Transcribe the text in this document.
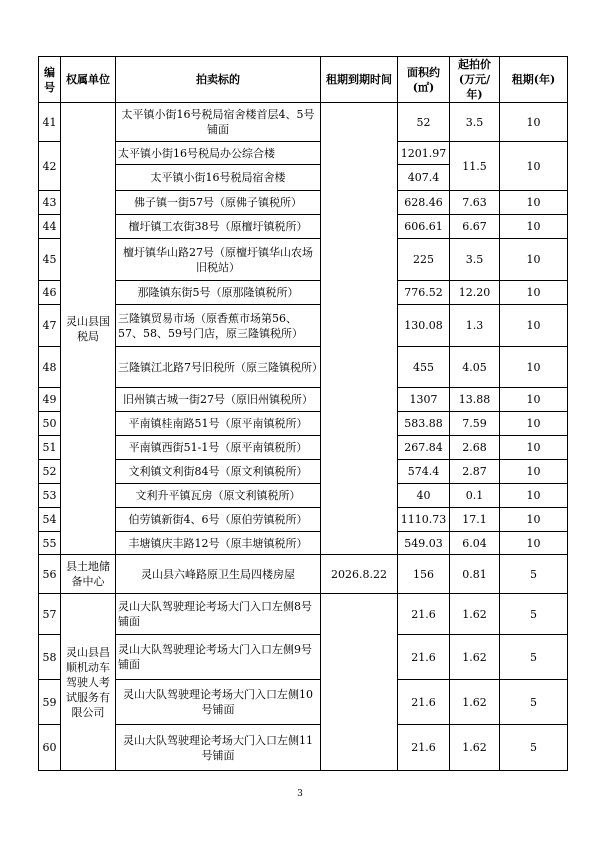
编号	权属单位	拍卖标的	租期到期时间	面积约(㎡)	起拍价(万元/年)	租期(年)
41	灵山县国税局	太平镇小街16号税局宿舍楼首层4、5号铺面		52	3.5	10
42		太平镇小街16号税局办公综合楼		1201.97	11.5	10
		太平镇小街16号税局宿舍楼		407.4		
43		佛子镇一街57号（原佛子镇税所）		628.46	7.63	10
44		檀圩镇工农街38号（原檀圩镇税所）		606.61	6.67	10
45		檀圩镇华山路27号（原檀圩镇华山农场旧税站）		225	3.5	10
46		那隆镇东街5号（原那隆镇税所）		776.52	12.20	10
47		三隆镇贸易市场（原香蕉市场第56、57、58、59号门店，原三隆镇税所）		130.08	1.3	10
48		三隆镇江北路7号旧税所（原三隆镇税所）		455	4.05	10
49		旧州镇古城一街27号（原旧州镇税所）		1307	13.88	10
50		平南镇桂南路51号（原平南镇税所）		583.88	7.59	10
51		平南镇西街51-1号（原平南镇税所）		267.84	2.68	10
52		文利镇文利街84号（原文利镇税所）		574.4	2.87	10
53		文利升平镇瓦房（原文利镇税所）		40	0.1	10
54		伯劳镇新街4、6号（原伯劳镇税所）		1110.73	17.1	10
55		丰塘镇庆丰路12号（原丰塘镇税所）		549.03	6.04	10
56	县土地储备中心	灵山县六峰路原卫生局四楼房屋	2026.8.22	156	0.81	5
57	灵山县昌顺机动车驾驶人考试服务有限公司	灵山大队驾驶理论考场大门入口左侧8号铺面		21.6	1.62	5
58		灵山大队驾驶理论考场大门入口左侧9号铺面		21.6	1.62	5
59		灵山大队驾驶理论考场大门入口左侧10号铺面		21.6	1.62	5
60		灵山大队驾驶理论考场大门入口左侧11号铺面		21.6	1.62	5
3
